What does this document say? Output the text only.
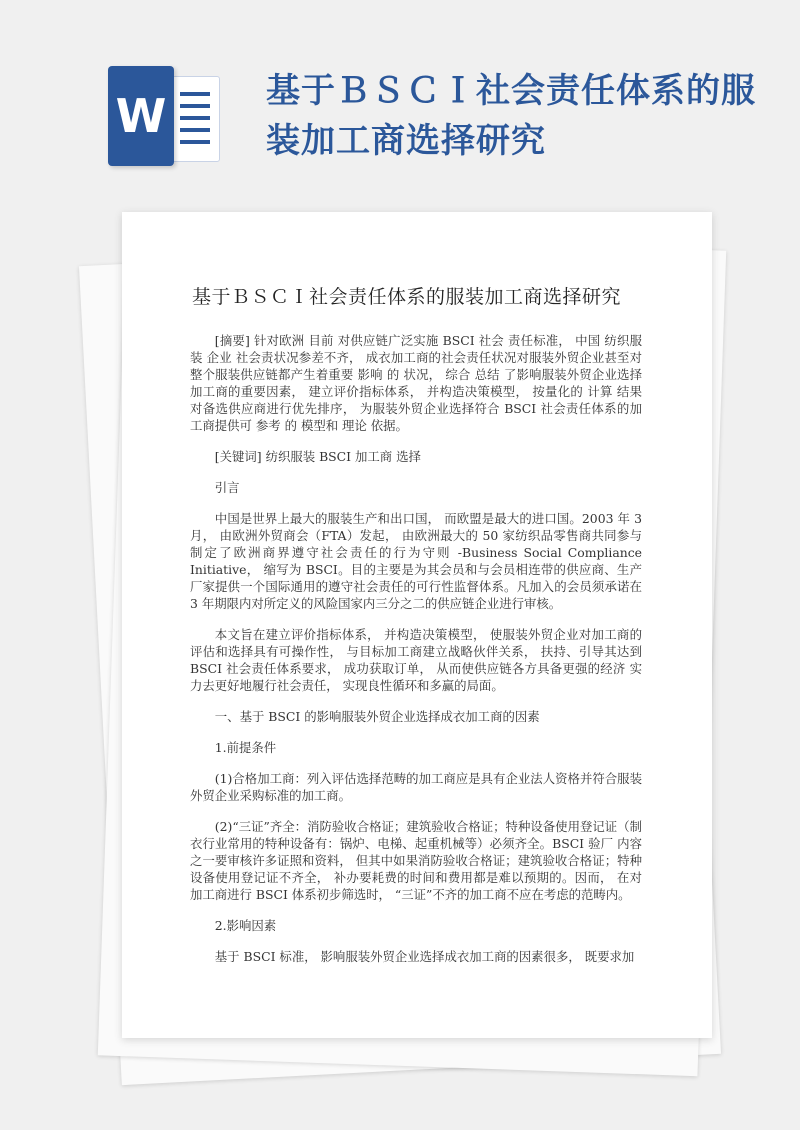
W	基于ＢＳＣＩ社会责任体系的服装加工商选择研究
基于ＢＳＣＩ社会责任体系的服装加工商选择研究

[摘要] 针对欧洲 目前 对供应链广泛实施 BSCI 社会 责任标准， 中国 纺织服装 企业 社会责状况参差不齐， 成衣加工商的社会责任状况对服装外贸企业甚至对整个服装供应链都产生着重要 影响 的 状况， 综合 总结 了影响服装外贸企业选择加工商的重要因素， 建立评价指标体系， 并构造决策模型， 按量化的 计算 结果对备选供应商进行优先排序， 为服装外贸企业选择符合 BSCI 社会责任体系的加工商提供可 参考 的 模型和 理论 依据。

[关键词] 纺织服装 BSCI 加工商 选择

引言

中国是世界上最大的服装生产和出口国， 而欧盟是最大的进口国。2003 年 3 月， 由欧洲外贸商会（FTA）发起， 由欧洲最大的 50 家纺织品零售商共同参与制定了欧洲商界遵守社会责任的行为守则 -Business Social Compliance Initiative， 缩写为 BSCI。目的主要是为其会员和与会员相连带的供应商、生产厂家提供一个国际通用的遵守社会责任的可行性监督体系。凡加入的会员须承诺在 3 年期限内对所定义的风险国家内三分之二的供应链企业进行审核。

本文旨在建立评价指标体系， 并构造决策模型， 使服装外贸企业对加工商的评估和选择具有可操作性， 与目标加工商建立战略伙伴关系， 扶持、引导其达到 BSCI 社会责任体系要求， 成功获取订单， 从而使供应链各方具备更强的经济 实力去更好地履行社会责任， 实现良性循环和多赢的局面。

一、基于 BSCI 的影响服装外贸企业选择成衣加工商的因素

1.前提条件

(1)合格加工商：列入评估选择范畴的加工商应是具有企业法人资格并符合服装外贸企业采购标准的加工商。

(2)“三证”齐全：消防验收合格证；建筑验收合格证；特种设备使用登记证（制衣行业常用的特种设备有：锅炉、电梯、起重机械等）必须齐全。BSCI 验厂 内容 之一要审核许多证照和资料， 但其中如果消防验收合格证；建筑验收合格证；特种设备使用登记证不齐全， 补办要耗费的时间和费用都是难以预期的。因而， 在对加工商进行 BSCI 体系初步筛选时， “三证”不齐的加工商不应在考虑的范畴内。

2.影响因素

基于 BSCI 标准， 影响服装外贸企业选择成衣加工商的因素很多， 既要求加
